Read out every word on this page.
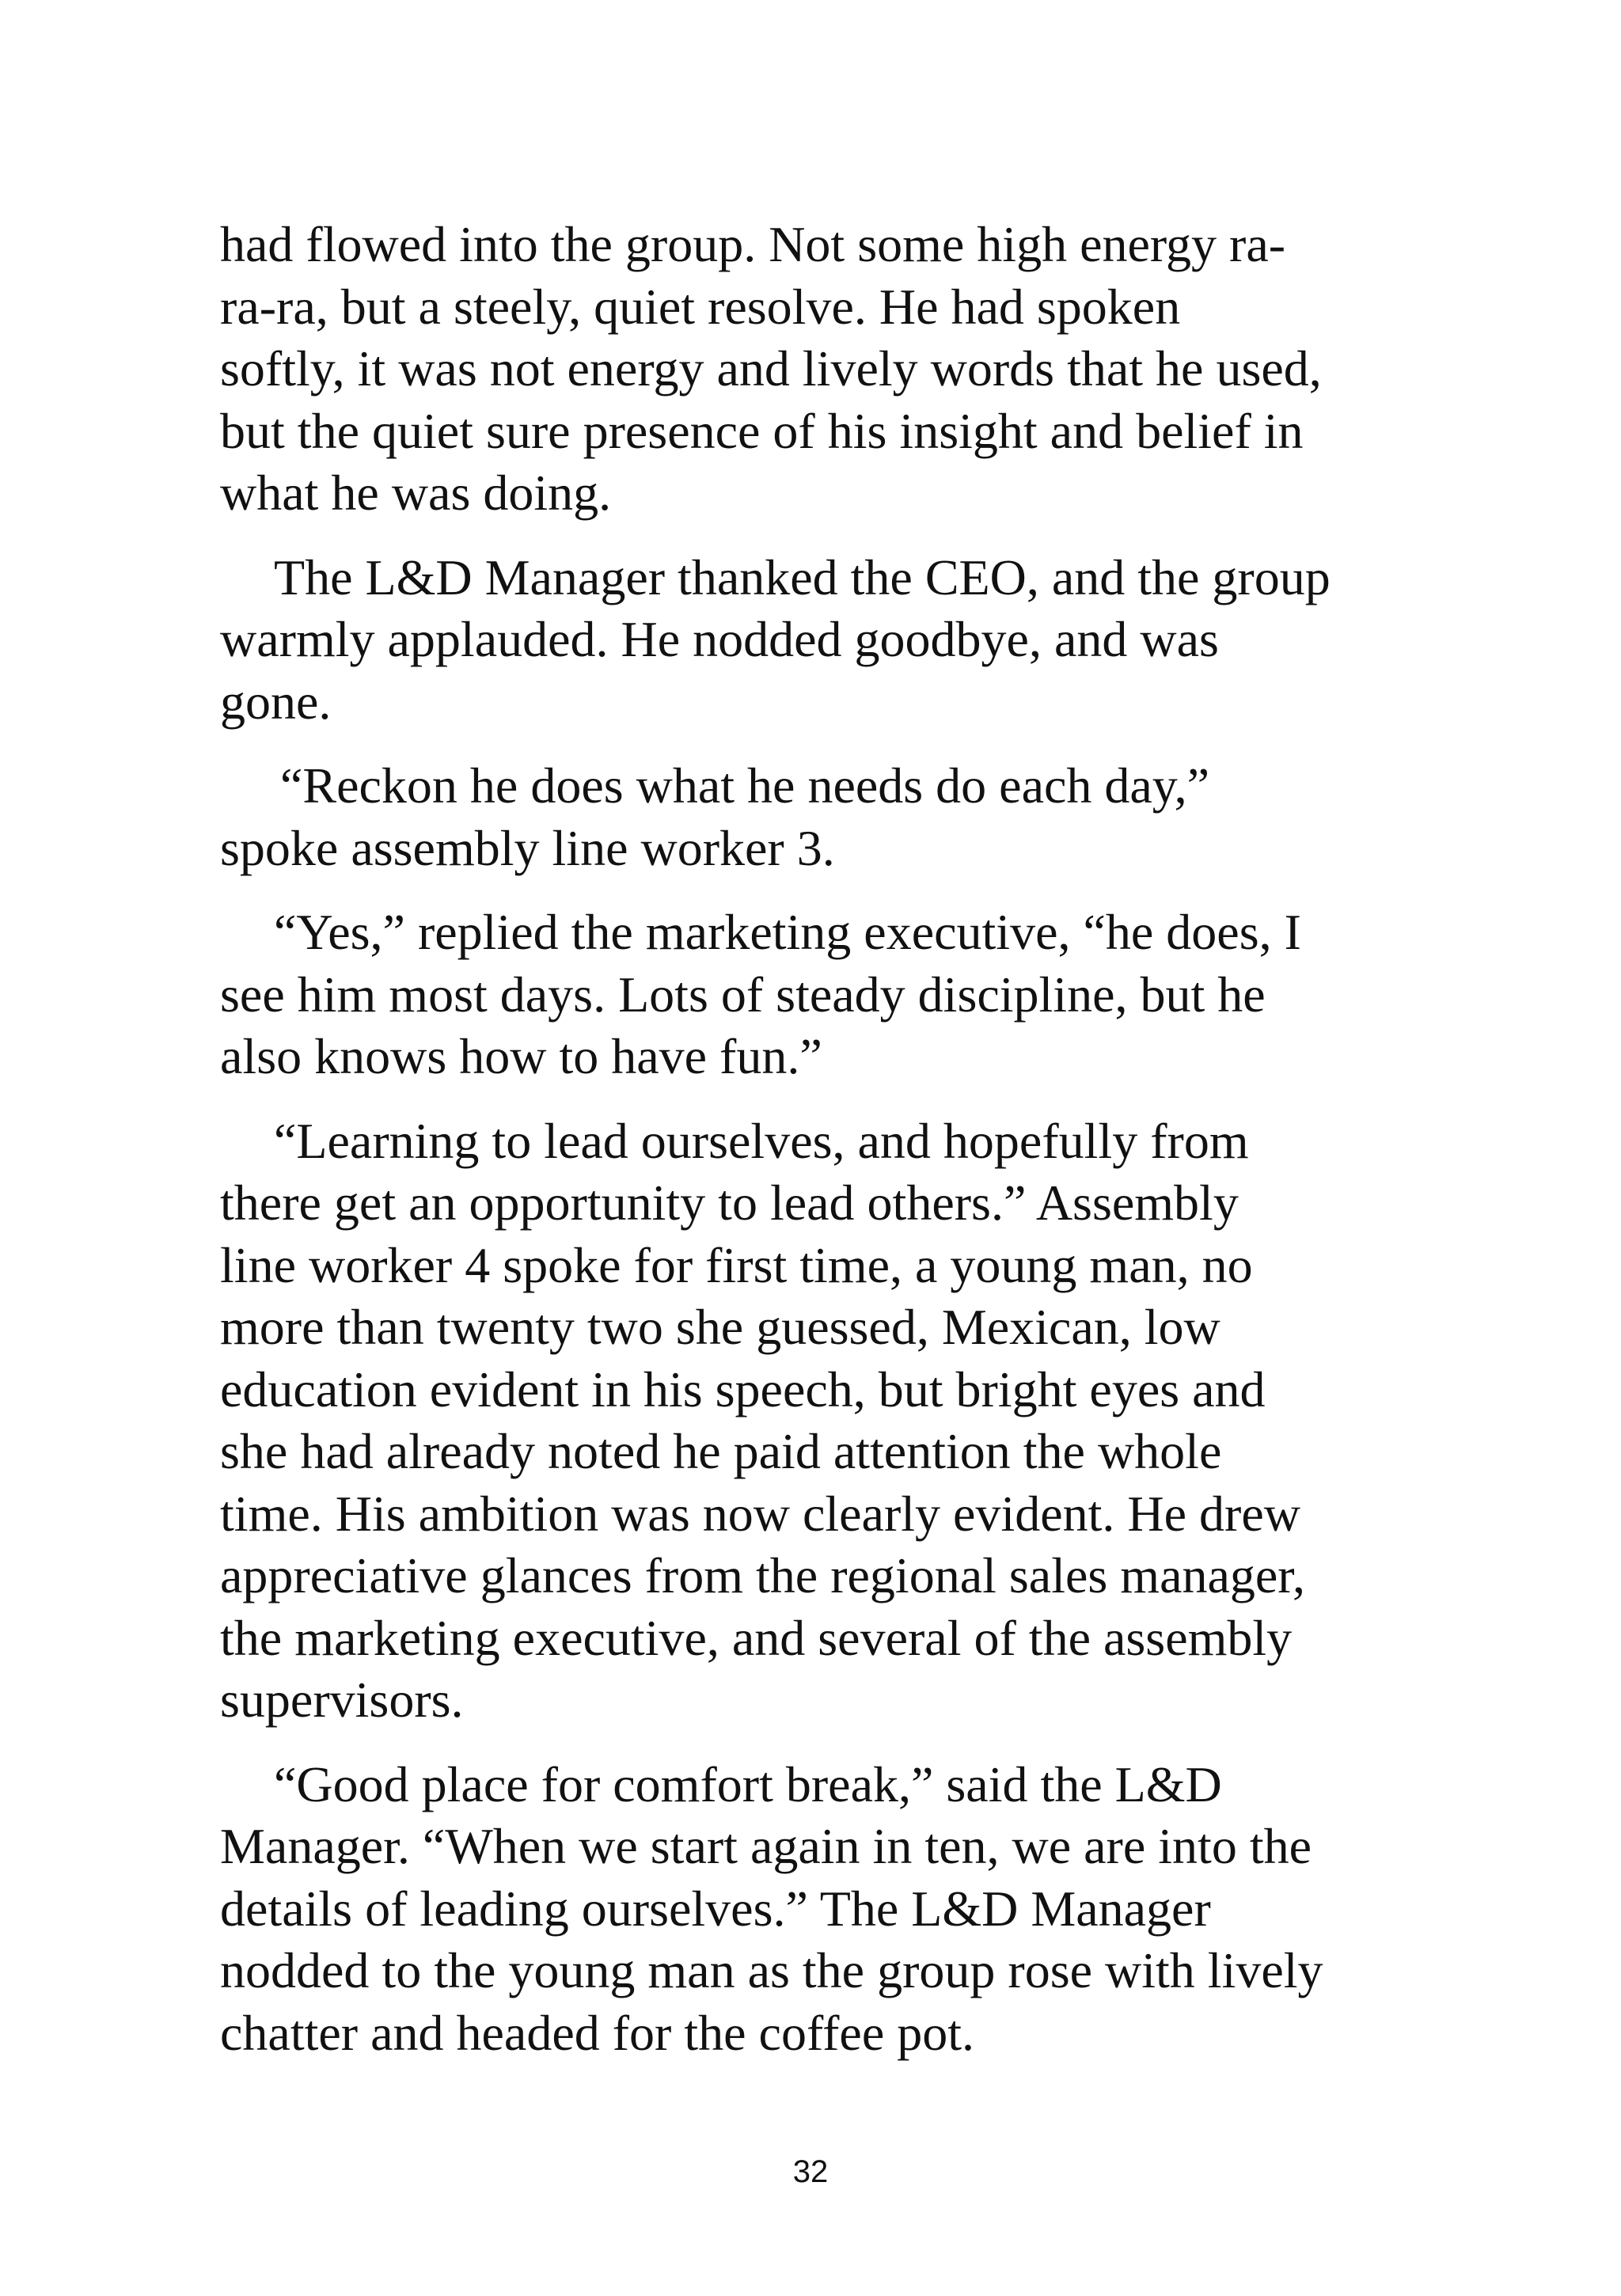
had flowed into the group. Not some high energy ra-
ra-ra, but a steely, quiet resolve. He had spoken
softly, it was not energy and lively words that he used,
but the quiet sure presence of his insight and belief in
what he was doing.
The L&D Manager thanked the CEO, and the group
warmly applauded. He nodded goodbye, and was
gone.
“Reckon he does what he needs do each day,”
spoke assembly line worker 3.
“Yes,” replied the marketing executive, “he does, I
see him most days. Lots of steady discipline, but he
also knows how to have fun.”
“Learning to lead ourselves, and hopefully from
there get an opportunity to lead others.” Assembly
line worker 4 spoke for first time, a young man, no
more than twenty two she guessed, Mexican, low
education evident in his speech, but bright eyes and
she had already noted he paid attention the whole
time. His ambition was now clearly evident. He drew
appreciative glances from the regional sales manager,
the marketing executive, and several of the assembly
supervisors.
“Good place for comfort break,” said the L&D
Manager. “When we start again in ten, we are into the
details of leading ourselves.” The L&D Manager
nodded to the young man as the group rose with lively
chatter and headed for the coffee pot.
32
